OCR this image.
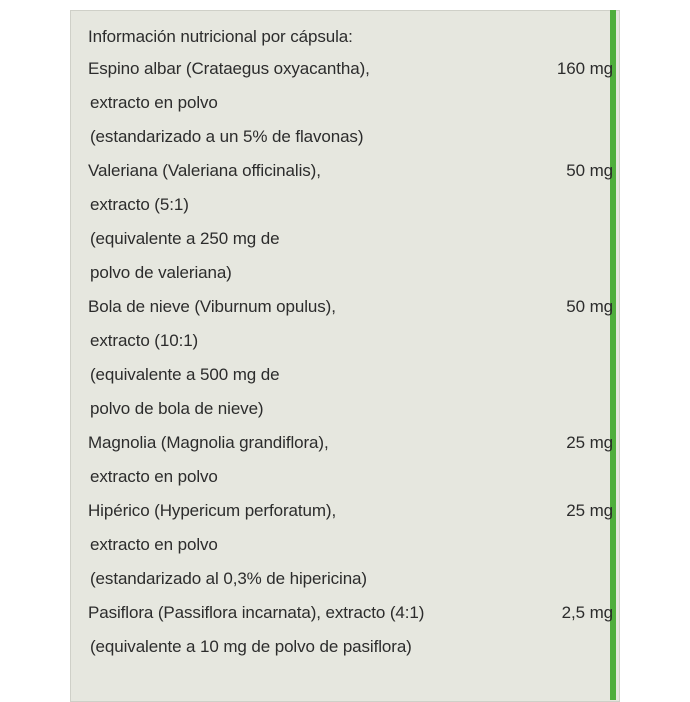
Información nutricional por cápsula:
Espino albar (Crataegus oxyacantha),	160 mg
extracto en polvo
(estandarizado a un 5% de flavonas)
Valeriana (Valeriana officinalis),	50 mg
extracto (5:1)
(equivalente a 250 mg de
polvo de valeriana)
Bola de nieve (Viburnum opulus),	50 mg
extracto (10:1)
(equivalente a 500 mg de
polvo de bola de nieve)
Magnolia (Magnolia grandiflora),	25 mg
extracto en polvo
Hipérico (Hypericum perforatum),	25 mg
extracto en polvo
(estandarizado al 0,3% de hipericina)
Pasiflora (Passiflora incarnata), extracto (4:1)	2,5 mg
(equivalente a 10 mg de polvo de pasiflora)
